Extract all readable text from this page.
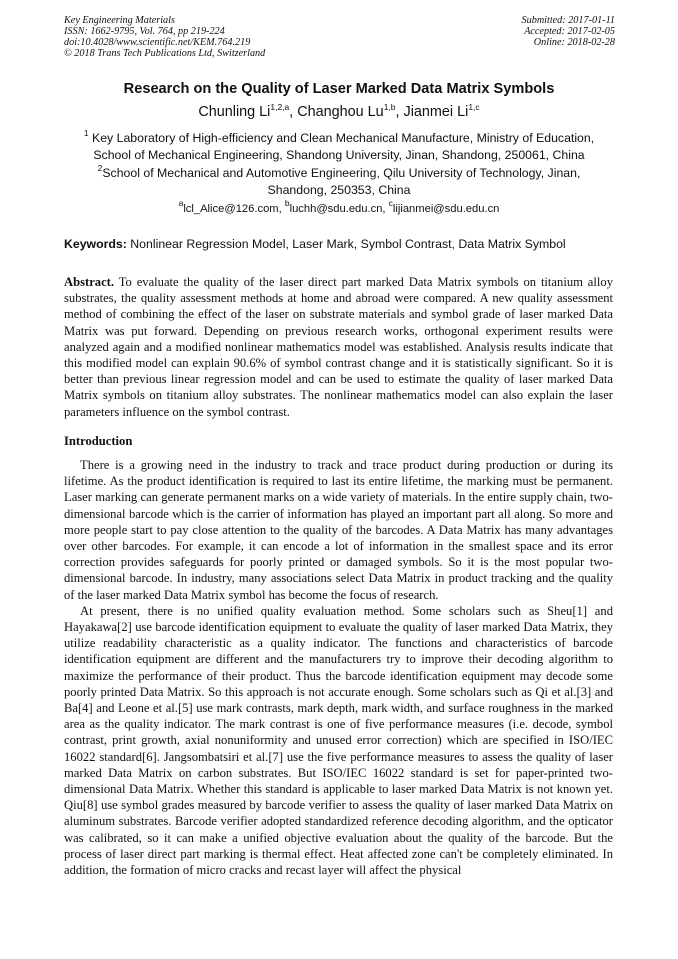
Key Engineering Materials
ISSN: 1662-9795, Vol. 764, pp 219-224
doi:10.4028/www.scientific.net/KEM.764.219
© 2018 Trans Tech Publications Ltd, Switzerland
Submitted: 2017-01-11
Accepted: 2017-02-05
Online: 2018-02-28
Research on the Quality of Laser Marked Data Matrix Symbols
Chunling Li$^{1,2,a}$, Changhou Lu$^{1,b}$, Jianmei Li$^{1,c}$
$^1$ Key Laboratory of High-efficiency and Clean Mechanical Manufacture, Ministry of Education, School of Mechanical Engineering, Shandong University, Jinan, Shandong, 250061, China
$^2$School of Mechanical and Automotive Engineering, Qilu University of Technology, Jinan, Shandong, 250353, China
$^a$lcl_Alice@126.com, $^b$luchh@sdu.edu.cn, $^c$lijianmei@sdu.edu.cn
Keywords: Nonlinear Regression Model, Laser Mark, Symbol Contrast, Data Matrix Symbol

Abstract. To evaluate the quality of the laser direct part marked Data Matrix symbols on titanium alloy substrates, the quality assessment methods at home and abroad were compared. A new quality assessment method of combining the effect of the laser on substrate materials and symbol grade of laser marked Data Matrix was put forward. Depending on previous research works, orthogonal experiment results were analyzed again and a modified nonlinear mathematics model was established. Analysis results indicate that this modified model can explain 90.6% of symbol contrast change and it is statistically significant. So it is better than previous linear regression model and can be used to estimate the quality of laser marked Data Matrix symbols on titanium alloy substrates. The nonlinear mathematics model can also explain the laser parameters influence on the symbol contrast.

Introduction

There is a growing need in the industry to track and trace product during production or during its lifetime. As the product identification is required to last its entire lifetime, the marking must be permanent. Laser marking can generate permanent marks on a wide variety of materials. In the entire supply chain, two-dimensional barcode which is the carrier of information has played an important part all along. So more and more people start to pay close attention to the quality of the barcodes. A Data Matrix has many advantages over other barcodes. For example, it can encode a lot of information in the smallest space and its error correction provides safeguards for poorly printed or damaged symbols. So it is the most popular two-dimensional barcode. In industry, many associations select Data Matrix in product tracking and the quality of the laser marked Data Matrix symbol has become the focus of research.

At present, there is no unified quality evaluation method. Some scholars such as Sheu[1] and Hayakawa[2] use barcode identification equipment to evaluate the quality of laser marked Data Matrix, they utilize readability characteristic as a quality indicator. The functions and characteristics of barcode identification equipment are different and the manufacturers try to improve their decoding algorithm to maximize the performance of their product. Thus the barcode identification equipment may decode some poorly printed Data Matrix. So this approach is not accurate enough. Some scholars such as Qi et al.[3] and Ba[4] and Leone et al.[5] use mark contrasts, mark depth, mark width, and surface roughness in the marked area as the quality indicator. The mark contrast is one of five performance measures (i.e. decode, symbol contrast, print growth, axial nonuniformity and unused error correction) which are specified in ISO/IEC 16022 standard[6]. Jangsombatsiri et al.[7] use the five performance measures to assess the quality of laser marked Data Matrix on carbon substrates. But ISO/IEC 16022 standard is set for paper-printed two-dimensional Data Matrix. Whether this standard is applicable to laser marked Data Matrix is not known yet. Qiu[8] use symbol grades measured by barcode verifier to assess the quality of laser marked Data Matrix on aluminum substrates. Barcode verifier adopted standardized reference decoding algorithm, and the opticator was calibrated, so it can make a unified objective evaluation about the quality of the barcode. But the process of laser direct part marking is thermal effect. Heat affected zone can't be completely eliminated. In addition, the formation of micro cracks and recast layer will affect the physical
